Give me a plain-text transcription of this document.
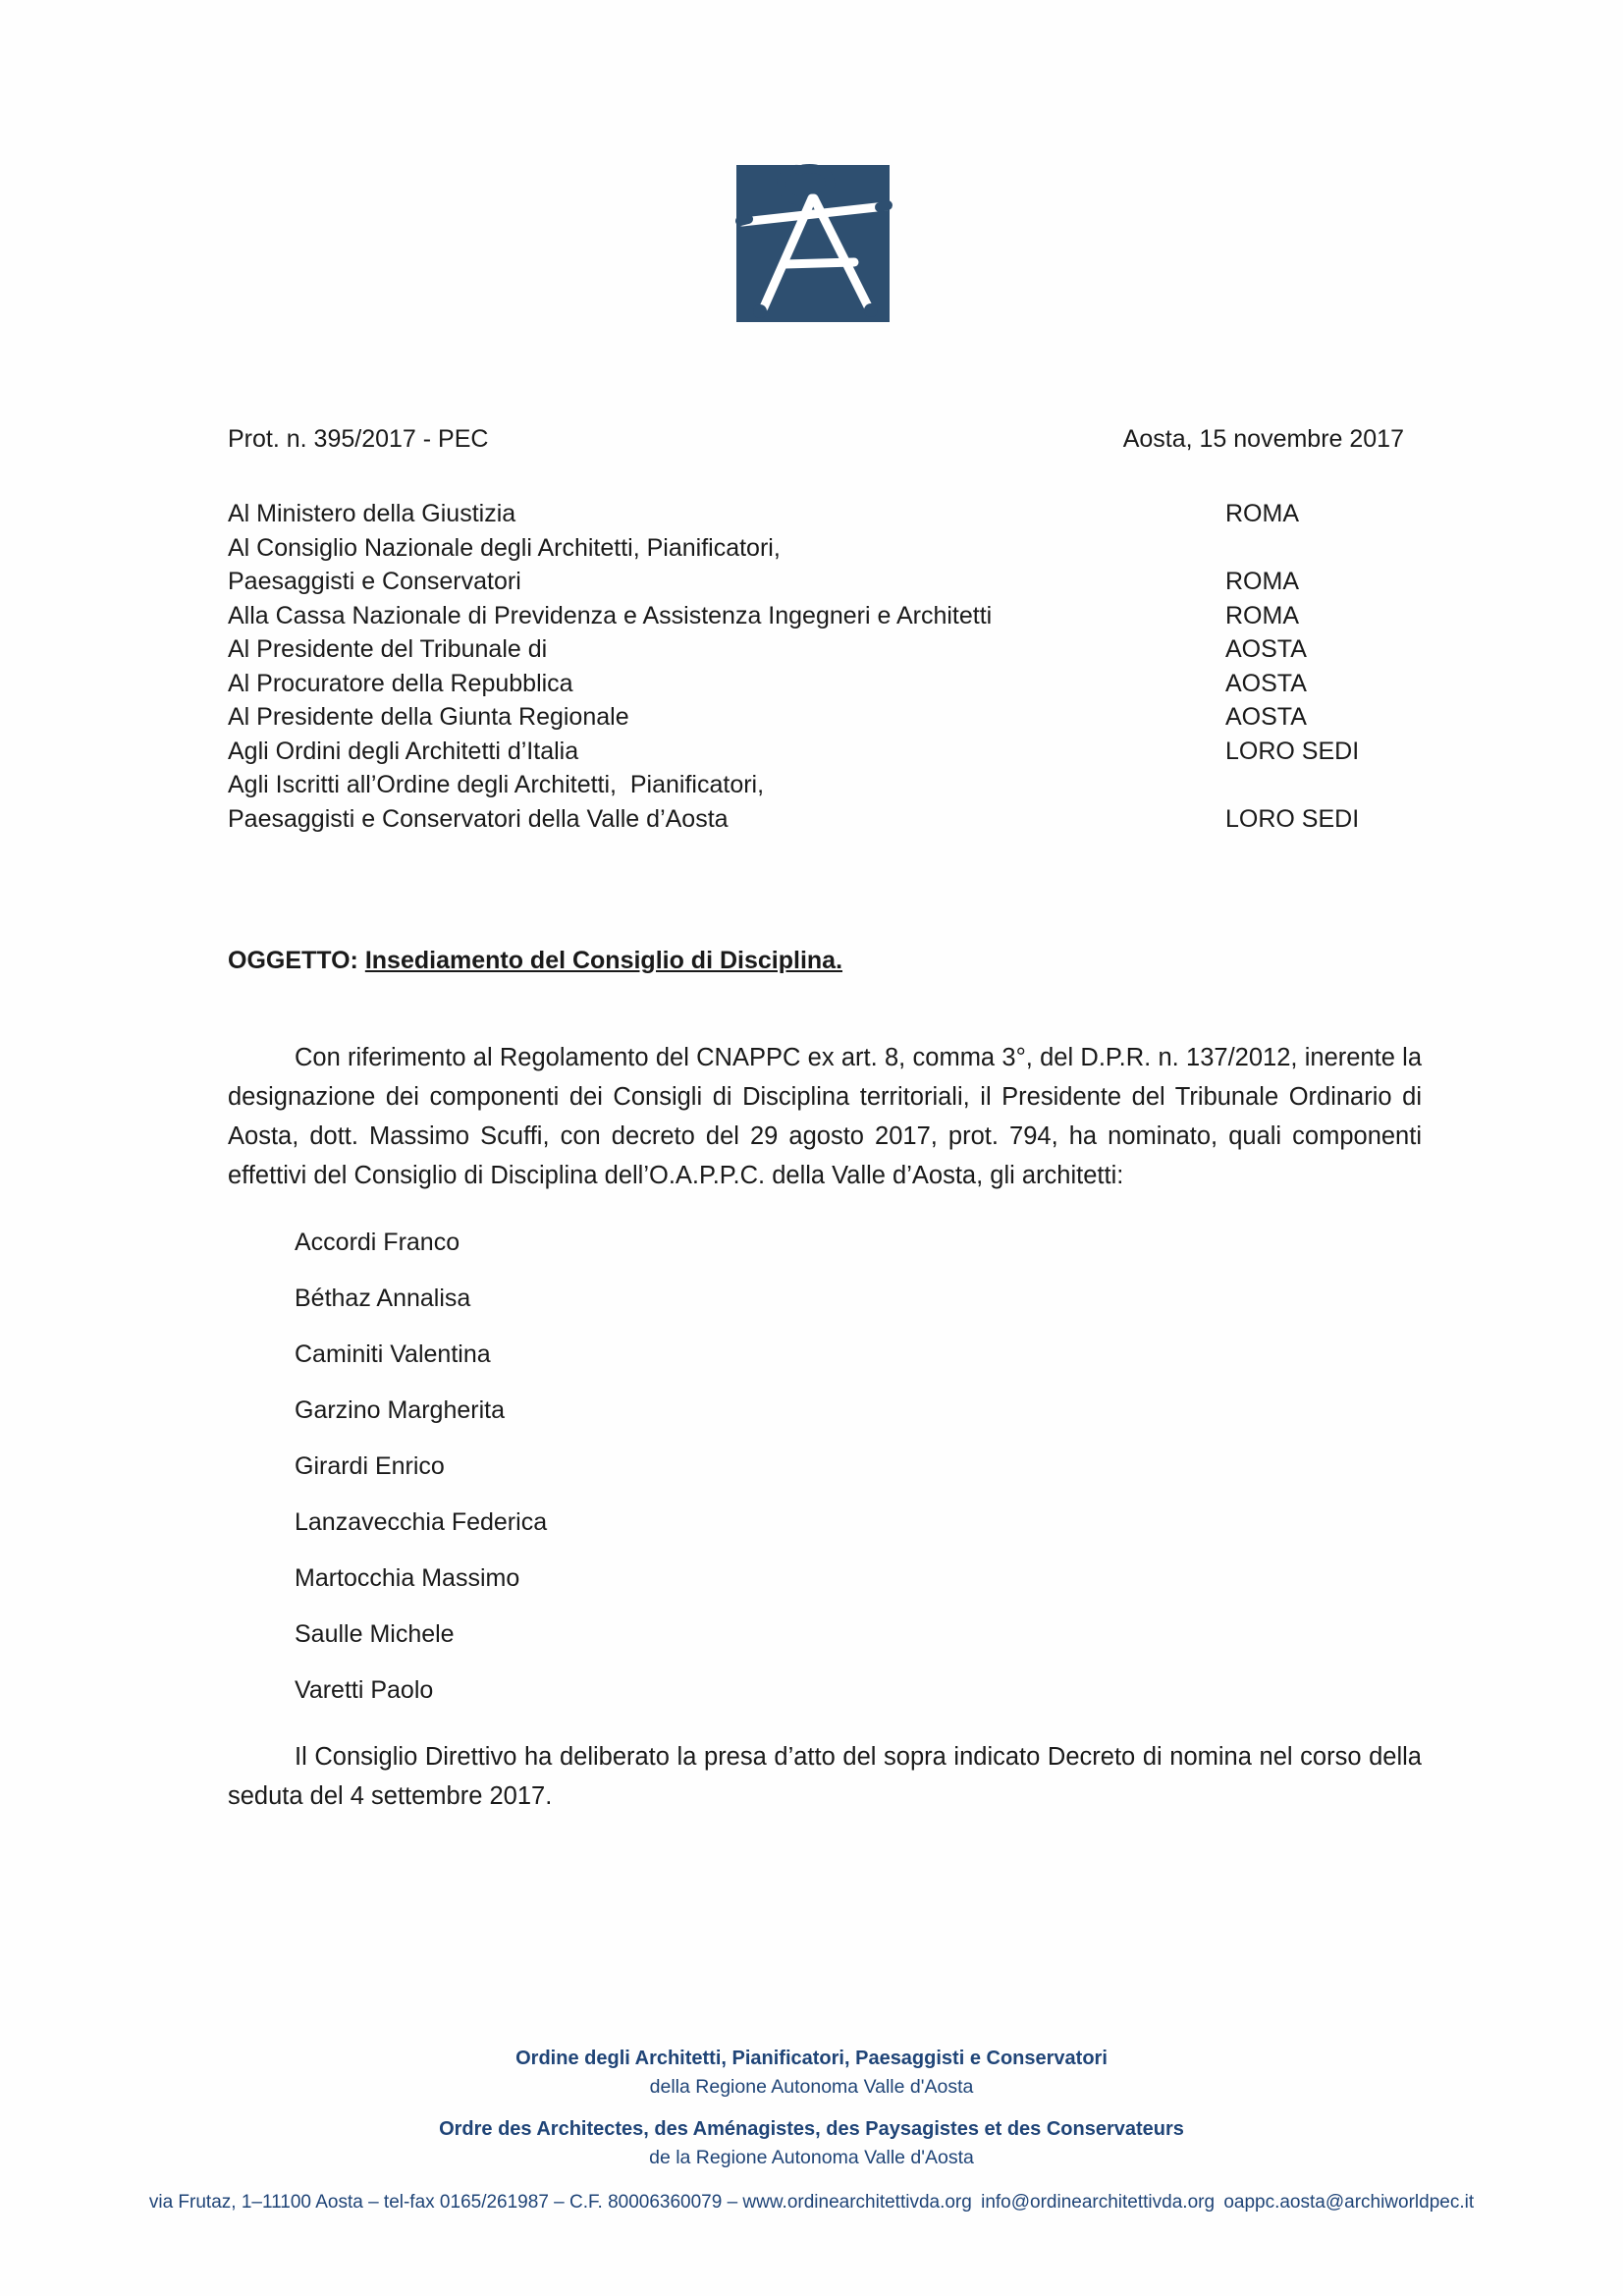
Prot. n. 395/2017 - PEC	Aosta, 15 novembre 2017
Al Ministero della Giustizia	ROMA
Al Consiglio Nazionale degli Architetti, Pianificatori,
Paesaggisti e Conservatori	ROMA
Alla Cassa Nazionale di Previdenza e Assistenza Ingegneri e Architetti	ROMA
Al Presidente del Tribunale di	AOSTA
Al Procuratore della Repubblica	AOSTA
Al Presidente della Giunta Regionale	AOSTA
Agli Ordini degli Architetti d’Italia	LORO SEDI
Agli Iscritti all’Ordine degli Architetti,  Pianificatori,
Paesaggisti e Conservatori della Valle d’Aosta	LORO SEDI
OGGETTO: Insediamento del Consiglio di Disciplina.
Con riferimento al Regolamento del CNAPPC ex art. 8, comma 3°, del D.P.R. n. 137/2012, inerente la designazione dei componenti dei Consigli di Disciplina territoriali, il Presidente del Tribunale Ordinario di Aosta, dott. Massimo Scuffi, con decreto del 29 agosto 2017, prot. 794, ha nominato, quali componenti effettivi del Consiglio di Disciplina dell’O.A.P.P.C. della Valle d’Aosta, gli architetti:
Accordi Franco
Béthaz Annalisa
Caminiti Valentina
Garzino Margherita
Girardi Enrico
Lanzavecchia Federica
Martocchia Massimo
Saulle Michele
Varetti Paolo
Il Consiglio Direttivo ha deliberato la presa d’atto del sopra indicato Decreto di nomina nel corso della seduta del 4 settembre 2017.
Ordine degli Architetti, Pianificatori, Paesaggisti e Conservatori
della Regione Autonoma Valle d'Aosta
Ordre des Architectes, des Aménagistes, des Paysagistes et des Conservateurs
de la Regione Autonoma Valle d'Aosta
via Frutaz, 1–11100 Aosta – tel-fax 0165/261987 – C.F. 80006360079 – www.ordinearchitettivda.org info@ordinearchitettivda.org oappc.aosta@archiworldpec.it
